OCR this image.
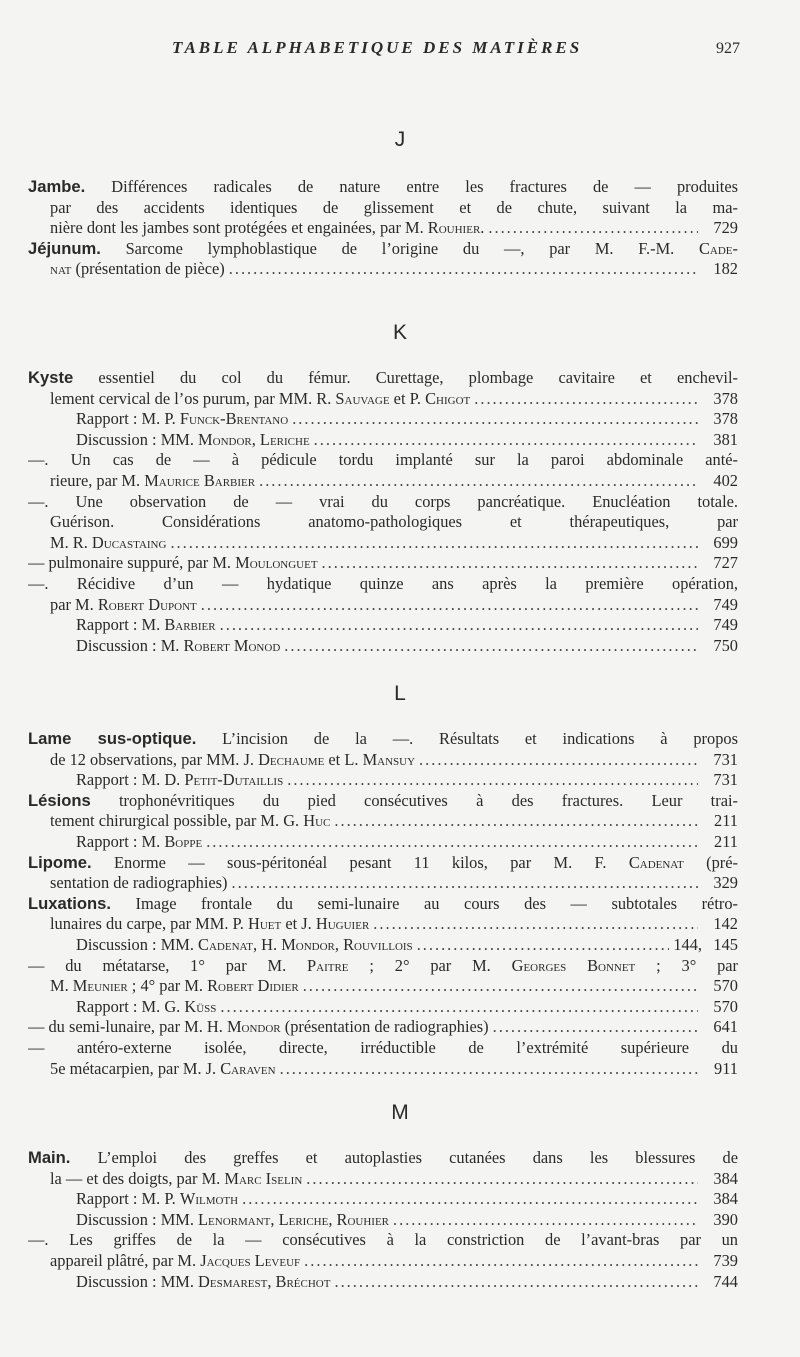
TABLE ALPHABETIQUE DES MATIÈRES	927
J
Jambe. Différences radicales de nature entre les fractures de — produites
par des accidents identiques de glissement et de chute, suivant la ma-
nière dont les jambes sont protégées et engainées, par M. Rouhier. .....	729
Jéjunum. Sarcome lymphoblastique de l’origine du —, par M. F.-M. Cade-
nat (présentation de pièce) .....	182
K
Kyste essentiel du col du fémur. Curettage, plombage cavitaire et enchevil-
lement cervical de l’os purum, par MM. R. Sauvage et P. Chigot .....	378
Rapport : M. P. Funck-Brentano .....	378
Discussion : MM. Mondor, Leriche .....	381
—. Un cas de — à pédicule tordu implanté sur la paroi abdominale anté-
rieure, par M. Maurice Barbier .....	402
—. Une observation de — vrai du corps pancréatique. Enucléation totale.
Guérison. Considérations anatomo-pathologiques et thérapeutiques, par
M. R. Ducastaing .....	699
— pulmonaire suppuré, par M. Moulonguet .....	727
—. Récidive d’un — hydatique quinze ans après la première opération,
par M. Robert Dupont .....	749
Rapport : M. Barbier .....	749
Discussion : M. Robert Monod .....	750
L
Lame sus-optique. L’incision de la —. Résultats et indications à propos
de 12 observations, par MM. J. Dechaume et L. Mansuy .....	731
Rapport : M. D. Petit-Dutaillis .....	731
Lésions trophonévritiques du pied consécutives à des fractures. Leur trai-
tement chirurgical possible, par M. G. Huc .....	211
Rapport : M. Boppe .....	211
Lipome. Enorme — sous-péritonéal pesant 11 kilos, par M. F. Cadenat (pré-
sentation de radiographies) .....	329
Luxations. Image frontale du semi-lunaire au cours des — subtotales rétro-
lunaires du carpe, par MM. P. Huet et J. Huguier .....	142
Discussion : MM. Cadenat, H. Mondor, Rouvillois .....	144, 145
— du métatarse, 1° par M. Paitre ; 2° par M. Georges Bonnet ; 3° par
M. Meunier ; 4° par M. Robert Didier .....	570
Rapport : M. G. Küss .....	570
— du semi-lunaire, par M. H. Mondor (présentation de radiographies) .....	641
— antéro-externe isolée, directe, irréductible de l’extrémité supérieure du
5e métacarpien, par M. J. Caraven .....	911
M
Main. L’emploi des greffes et autoplasties cutanées dans les blessures de
la — et des doigts, par M. Marc Iselin .....	384
Rapport : M. P. Wilmoth .....	384
Discussion : MM. Lenormant, Leriche, Rouhier .....	390
—. Les griffes de la — consécutives à la constriction de l’avant-bras par un
appareil plâtré, par M. Jacques Leveuf .....	739
Discussion : MM. Desmarest, Bréchot .....	744
